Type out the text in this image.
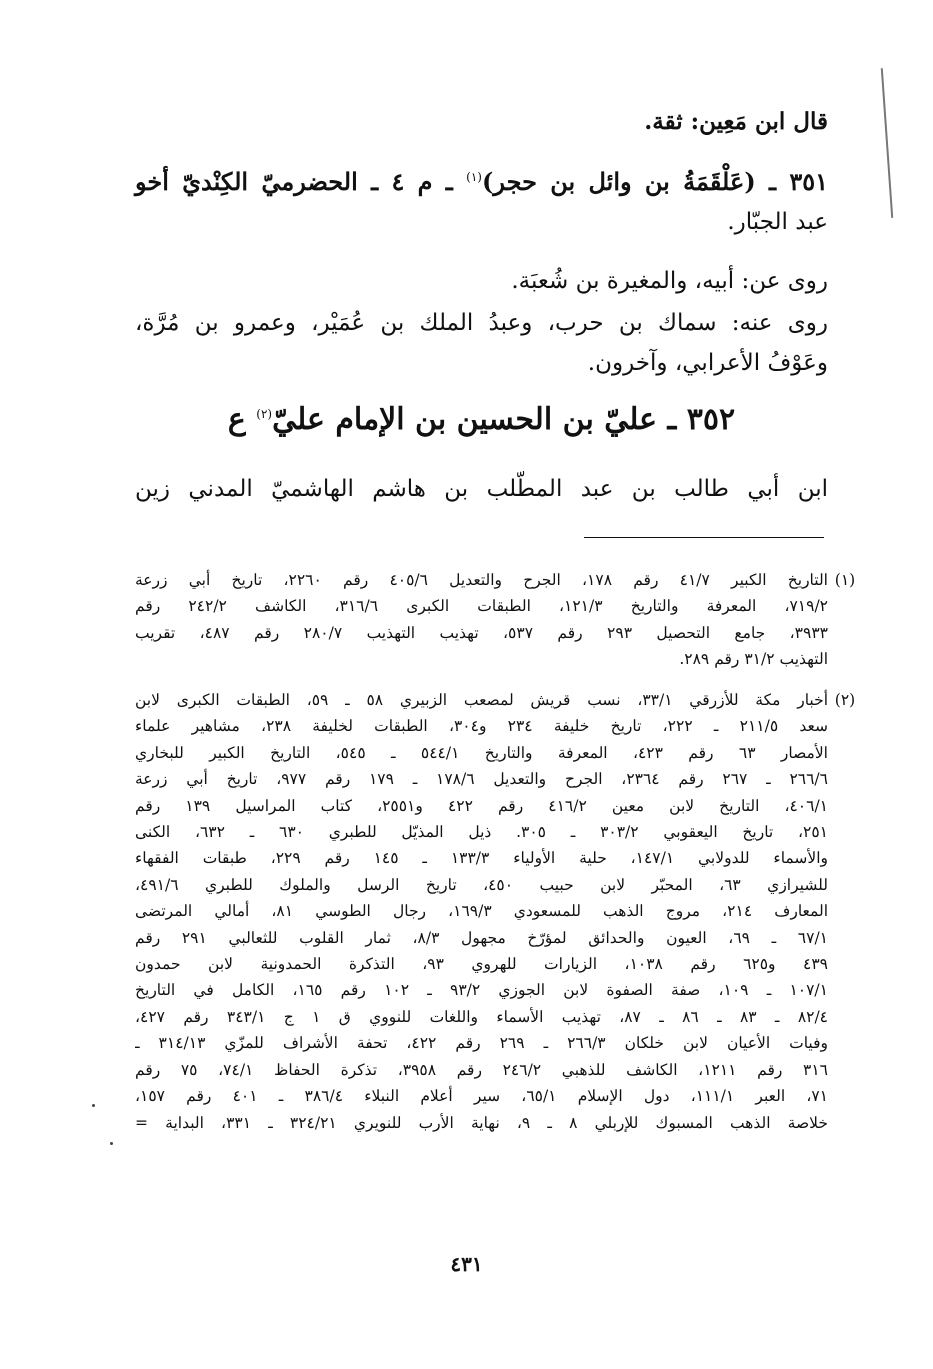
قال ابن مَعِين: ثقة.
٣٥١ ـ (عَلْقَمَةُ بن وائل بن حجر)$^{(١)}$ ـ م ٤ ـ الحضرميّ الكِنْديّ أخو
عبد الجبّار.
روى عن: أبيه، والمغيرة بن شُعبَة.
روى عنه: سماك بن حرب، وعبدُ الملك بن عُمَيْر، وعمرو بن مُرَّة،
وعَوْفُ الأعرابي، وآخرون.
٣٥٢ ـ عليّ بن الحسين بن الإمام عليّ$^{(٢)}$ ع
ابن أبي طالب بن عبد المطّلب بن هاشم الهاشميّ المدني زين
(١)
التاريخ الكبير ٤١/٧ رقم ١٧٨، الجرح والتعديل ٤٠٥/٦ رقم ٢٢٦٠، تاريخ أبي زرعة
٧١٩/٢، المعرفة والتاريخ ١٢١/٣، الطبقات الكبرى ٣١٦/٦، الكاشف ٢٤٢/٢ رقم
٣٩٣٣، جامع التحصيل ٢٩٣ رقم ٥٣٧، تهذيب التهذيب ٢٨٠/٧ رقم ٤٨٧، تقريب
التهذيب ٣١/٢ رقم ٢٨٩.
(٢)
أخبار مكة للأزرقي ٣٣/١، نسب قريش لمصعب الزبيري ٥٨ ـ ٥٩، الطبقات الكبرى لابن
سعد ٢١١/٥ ـ ٢٢٢، تاريخ خليفة ٢٣٤ و٣٠٤، الطبقات لخليفة ٢٣٨، مشاهير علماء
الأمصار ٦٣ رقم ٤٢٣، المعرفة والتاريخ ٥٤٤/١ ـ ٥٤٥، التاريخ الكبير للبخاري
٢٦٦/٦ ـ ٢٦٧ رقم ٢٣٦٤، الجرح والتعديل ١٧٨/٦ ـ ١٧٩ رقم ٩٧٧، تاريخ أبي زرعة
٤٠٦/١، التاريخ لابن معين ٤١٦/٢ رقم ٤٢٢ و٢٥٥١، كتاب المراسيل ١٣٩ رقم
٢٥١، تاريخ اليعقوبي ٣٠٣/٢ ـ ٣٠٥. ذيل المذيّل للطبري ٦٣٠ ـ ٦٣٢، الكنى
والأسماء للدولابي ١٤٧/١، حلية الأولياء ١٣٣/٣ ـ ١٤٥ رقم ٢٢٩، طبقات الفقهاء
للشيرازي ٦٣، المحبّر لابن حبيب ٤٥٠، تاريخ الرسل والملوك للطبري ٤٩١/٦،
المعارف ٢١٤، مروج الذهب للمسعودي ١٦٩/٣، رجال الطوسي ٨١، أمالي المرتضى
٦٧/١ ـ ٦٩، العيون والحدائق لمؤرّخ مجهول ٨/٣، ثمار القلوب للثعالبي ٢٩١ رقم
٤٣٩ و٦٢٥ رقم ١٠٣٨، الزيارات للهروي ٩٣، التذكرة الحمدونية لابن حمدون
١٠٧/١ ـ ١٠٩، صفة الصفوة لابن الجوزي ٩٣/٢ ـ ١٠٢ رقم ١٦٥، الكامل في التاريخ
٨٢/٤ ـ ٨٣ ـ ٨٦ ـ ٨٧، تهذيب الأسماء واللغات للنووي ق ١ ج ٣٤٣/١ رقم ٤٢٧،
وفيات الأعيان لابن خلكان ٢٦٦/٣ ـ ٢٦٩ رقم ٤٢٢، تحفة الأشراف للمزّي ٣١٤/١٣ ـ
٣١٦ رقم ١٢١١، الكاشف للذهبي ٢٤٦/٢ رقم ٣٩٥٨، تذكرة الحفاظ ٧٤/١، ٧٥ رقم
٧١، العبر ١١١/١، دول الإسلام ٦٥/١، سير أعلام النبلاء ٣٨٦/٤ ـ ٤٠١ رقم ١٥٧،
خلاصة الذهب المسبوك للإربلي ٨ ـ ٩، نهاية الأرب للنويري ٣٢٤/٢١ ـ ٣٣١، البداية =
٤٣١
